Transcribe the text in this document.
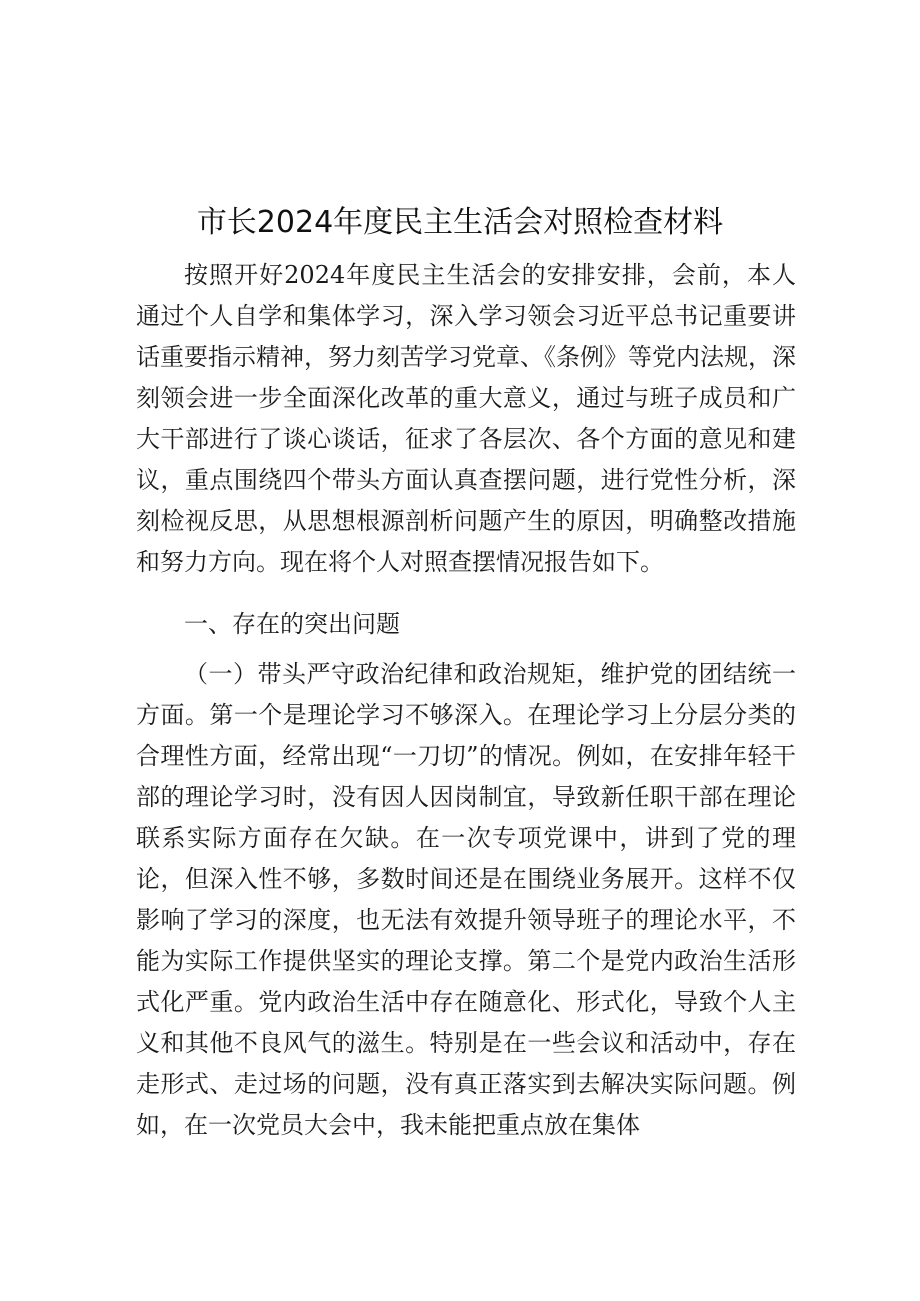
市长2024年度民主生活会对照检查材料

按照开好2024年度民主生活会的安排安排，会前，本人通过个人自学和集体学习，深入学习领会习近平总书记重要讲话重要指示精神，努力刻苦学习党章、《条例》等党内法规，深刻领会进一步全面深化改革的重大意义，通过与班子成员和广大干部进行了谈心谈话，征求了各层次、各个方面的意见和建议，重点围绕四个带头方面认真查摆问题，进行党性分析，深刻检视反思，从思想根源剖析问题产生的原因，明确整改措施和努力方向。现在将个人对照查摆情况报告如下。

一、存在的突出问题

（一）带头严守政治纪律和政治规矩，维护党的团结统一方面。第一个是理论学习不够深入。在理论学习上分层分类的合理性方面，经常出现“一刀切”的情况。例如，在安排年轻干部的理论学习时，没有因人因岗制宜，导致新任职干部在理论联系实际方面存在欠缺。在一次专项党课中，讲到了党的理论，但深入性不够，多数时间还是在围绕业务展开。这样不仅影响了学习的深度，也无法有效提升领导班子的理论水平，不能为实际工作提供坚实的理论支撑。第二个是党内政治生活形式化严重。党内政治生活中存在随意化、形式化，导致个人主义和其他不良风气的滋生。特别是在一些会议和活动中，存在走形式、走过场的问题，没有真正落实到去解决实际问题。例如，在一次党员大会中，我未能把重点放在集体
